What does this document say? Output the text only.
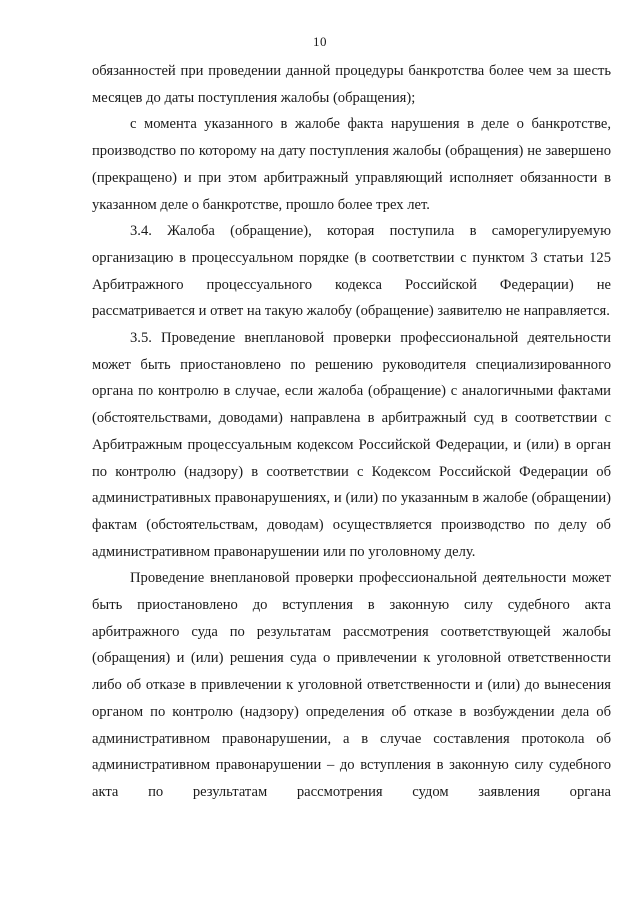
10

обязанностей при проведении данной процедуры банкротства более чем за шесть месяцев до даты поступления жалобы (обращения);

с момента указанного в жалобе факта нарушения в деле о банкротстве, производство по которому на дату поступления жалобы (обращения) не завершено (прекращено) и при этом арбитражный управляющий исполняет обязанности в указанном деле о банкротстве, прошло более трех лет.

3.4. Жалоба (обращение), которая поступила в саморегулируемую организацию в процессуальном порядке (в соответствии с пунктом 3 статьи 125 Арбитражного процессуального кодекса Российской Федерации) не рассматривается и ответ на такую жалобу (обращение) заявителю не направляется.

3.5. Проведение внеплановой проверки профессиональной деятельности может быть приостановлено по решению руководителя специализированного органа по контролю в случае, если жалоба (обращение) с аналогичными фактами (обстоятельствами, доводами) направлена в арбитражный суд в соответствии с Арбитражным процессуальным кодексом Российской Федерации, и (или) в орган по контролю (надзору) в соответствии с Кодексом Российской Федерации об административных правонарушениях, и (или) по указанным в жалобе (обращении) фактам (обстоятельствам, доводам) осуществляется производство по делу об административном правонарушении или по уголовному делу.

Проведение внеплановой проверки профессиональной деятельности может быть приостановлено до вступления в законную силу судебного акта арбитражного суда по результатам рассмотрения соответствующей жалобы (обращения) и (или) решения суда о привлечении к уголовной ответственности либо об отказе в привлечении к уголовной ответственности и (или) до вынесения органом по контролю (надзору) определения об отказе в возбуждении дела об административном правонарушении, а в случае составления протокола об административном правонарушении – до вступления в законную силу судебного акта по результатам рассмотрения судом заявления органа
